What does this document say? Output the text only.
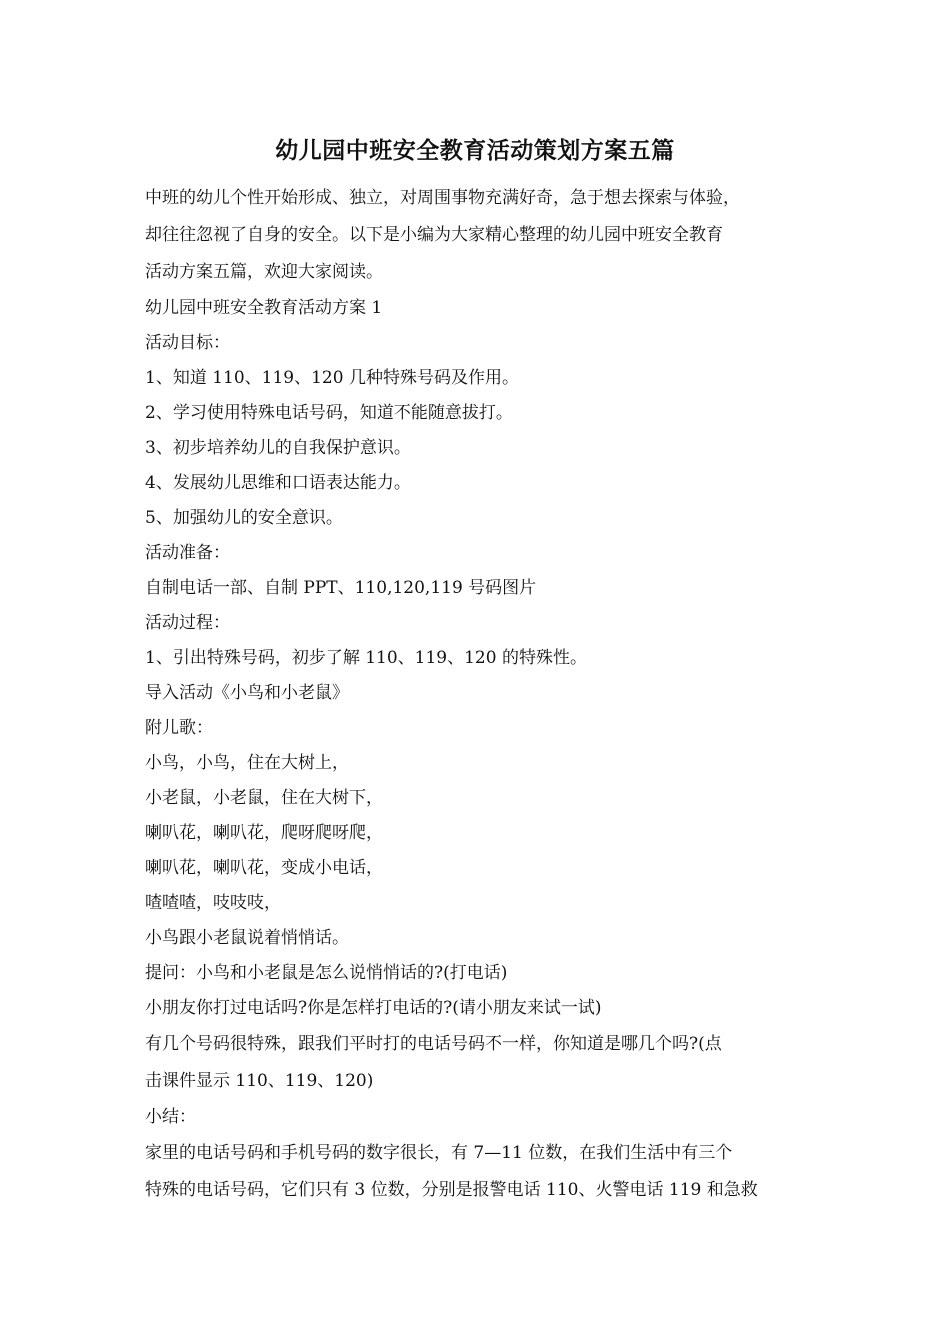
幼儿园中班安全教育活动策划方案五篇

中班的幼儿个性开始形成、独立，对周围事物充满好奇，急于想去探索与体验，

却往往忽视了自身的安全。以下是小编为大家精心整理的幼儿园中班安全教育

活动方案五篇，欢迎大家阅读。

幼儿园中班安全教育活动方案 1

活动目标：

1、知道 110、119、120 几种特殊号码及作用。

2、学习使用特殊电话号码，知道不能随意拔打。

3、初步培养幼儿的自我保护意识。

4、发展幼儿思维和口语表达能力。

5、加强幼儿的安全意识。

活动准备：

自制电话一部、自制 PPT、110,120,119 号码图片

活动过程：

1、引出特殊号码，初步了解 110、119、120 的特殊性。

导入活动《小鸟和小老鼠》

附儿歌：

小鸟，小鸟，住在大树上，

小老鼠，小老鼠，住在大树下，

喇叭花，喇叭花，爬呀爬呀爬，

喇叭花，喇叭花，变成小电话，

喳喳喳，吱吱吱，

小鸟跟小老鼠说着悄悄话。

提问：小鸟和小老鼠是怎么说悄悄话的?(打电话)

小朋友你打过电话吗?你是怎样打电话的?(请小朋友来试一试)

有几个号码很特殊，跟我们平时打的电话号码不一样，你知道是哪几个吗?(点

击课件显示 110、119、120)

小结：

家里的电话号码和手机号码的数字很长，有 7—11 位数，在我们生活中有三个

特殊的电话号码，它们只有 3 位数，分别是报警电话 110、火警电话 119 和急救
